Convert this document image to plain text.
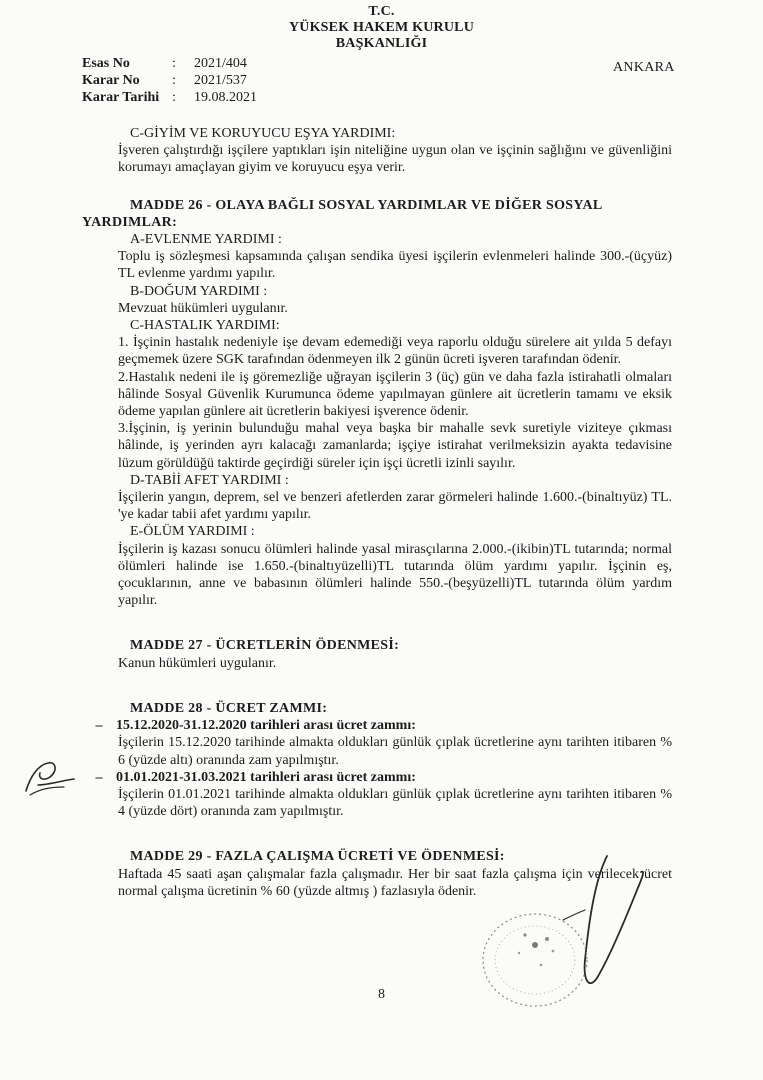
T.C.
YÜKSEK HAKEM KURULU
BAŞKANLIĞI
Esas No	:	2021/404
Karar No	:	2021/537
Karar Tarihi :	19.08.2021
ANKARA
C-GİYİM VE KORUYUCU EŞYA YARDIMI:
İşveren çalıştırdığı işçilere yaptıkları işin niteliğine uygun olan ve işçinin sağlığını ve güvenliğini korumayı amaçlayan giyim ve koruyucu eşya verir.
MADDE 26 - OLAYA BAĞLI SOSYAL YARDIMLAR VE DİĞER SOSYAL
YARDIMLAR:
A-EVLENME YARDIMI :
Toplu iş sözleşmesi kapsamında çalışan sendika üyesi işçilerin evlenmeleri halinde 300.-(üçyüz) TL evlenme yardımı yapılır.
B-DOĞUM YARDIMI :
Mevzuat hükümleri uygulanır.
C-HASTALIK YARDIMI:
1. İşçinin hastalık nedeniyle işe devam edemediği veya raporlu olduğu sürelere ait yılda 5 defayı geçmemek üzere SGK tarafından ödenmeyen ilk 2 günün ücreti işveren tarafından ödenir.
2.Hastalık nedeni ile iş göremezliğe uğrayan işçilerin 3 (üç) gün ve daha fazla istirahatli olmaları hâlinde Sosyal Güvenlik Kurumunca ödeme yapılmayan günlere ait ücretlerin tamamı ve eksik ödeme yapılan günlere ait ücretlerin bakiyesi işverence ödenir.
3.İşçinin, iş yerinin bulunduğu mahal veya başka bir mahalle sevk suretiyle viziteye çıkması hâlinde, iş yerinden ayrı kalacağı zamanlarda; işçiye istirahat verilmeksizin ayakta tedavisine lüzum görüldüğü taktirde geçirdiği süreler için işçi ücretli izinli sayılır.
D-TABİİ AFET YARDIMI :
İşçilerin yangın, deprem, sel ve benzeri afetlerden zarar görmeleri halinde 1.600.-(binaltıyüz) TL. 'ye kadar tabii afet yardımı yapılır.
E-ÖLÜM YARDIMI :
İşçilerin iş kazası sonucu ölümleri halinde yasal mirasçılarına 2.000.-(ikibin)TL tutarında; normal ölümleri halinde ise 1.650.-(binaltıyüzelli)TL tutarında ölüm yardımı yapılır. İşçinin eş, çocuklarının, anne ve babasının ölümleri halinde 550.-(beşyüzelli)TL tutarında ölüm yardım yapılır.
MADDE 27 - ÜCRETLERİN ÖDENMESİ:
Kanun hükümleri uygulanır.
MADDE 28 - ÜCRET ZAMMI:
– 15.12.2020-31.12.2020 tarihleri arası ücret zammı:
İşçilerin 15.12.2020 tarihinde almakta oldukları günlük çıplak ücretlerine aynı tarihten itibaren % 6 (yüzde altı) oranında zam yapılmıştır.
– 01.01.2021-31.03.2021 tarihleri arası ücret zammı:
İşçilerin 01.01.2021 tarihinde almakta oldukları günlük çıplak ücretlerine aynı tarihten itibaren % 4 (yüzde dört) oranında zam yapılmıştır.
MADDE 29 - FAZLA ÇALIŞMA ÜCRETİ VE ÖDENMESİ:
Haftada 45 saati aşan çalışmalar fazla çalışmadır. Her bir saat fazla çalışma için verilecek ücret normal çalışma ücretinin % 60 (yüzde altmış ) fazlasıyla ödenir.
8
